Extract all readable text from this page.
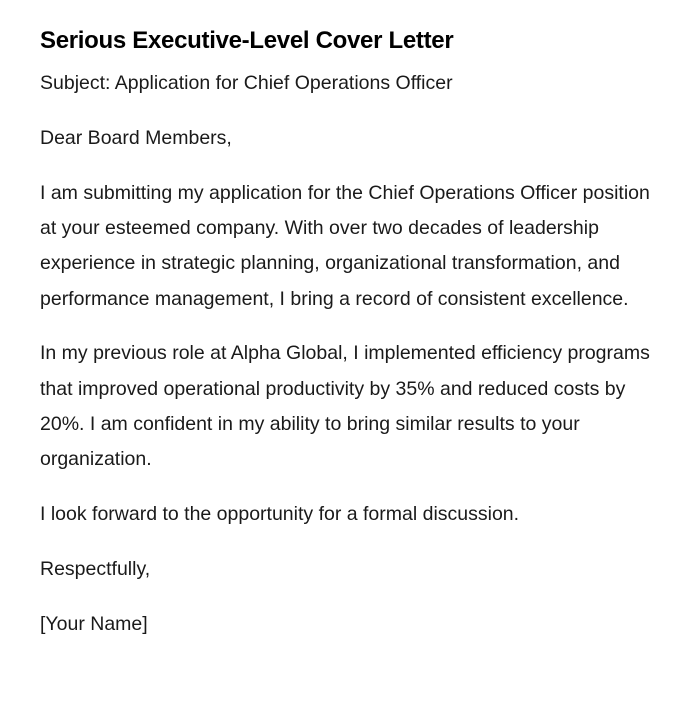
Serious Executive-Level Cover Letter

Subject: Application for Chief Operations Officer

Dear Board Members,

I am submitting my application for the Chief Operations Officer position at your esteemed company. With over two decades of leadership experience in strategic planning, organizational transformation, and performance management, I bring a record of consistent excellence.

In my previous role at Alpha Global, I implemented efficiency programs that improved operational productivity by 35% and reduced costs by 20%. I am confident in my ability to bring similar results to your organization.

I look forward to the opportunity for a formal discussion.

Respectfully,

[Your Name]
